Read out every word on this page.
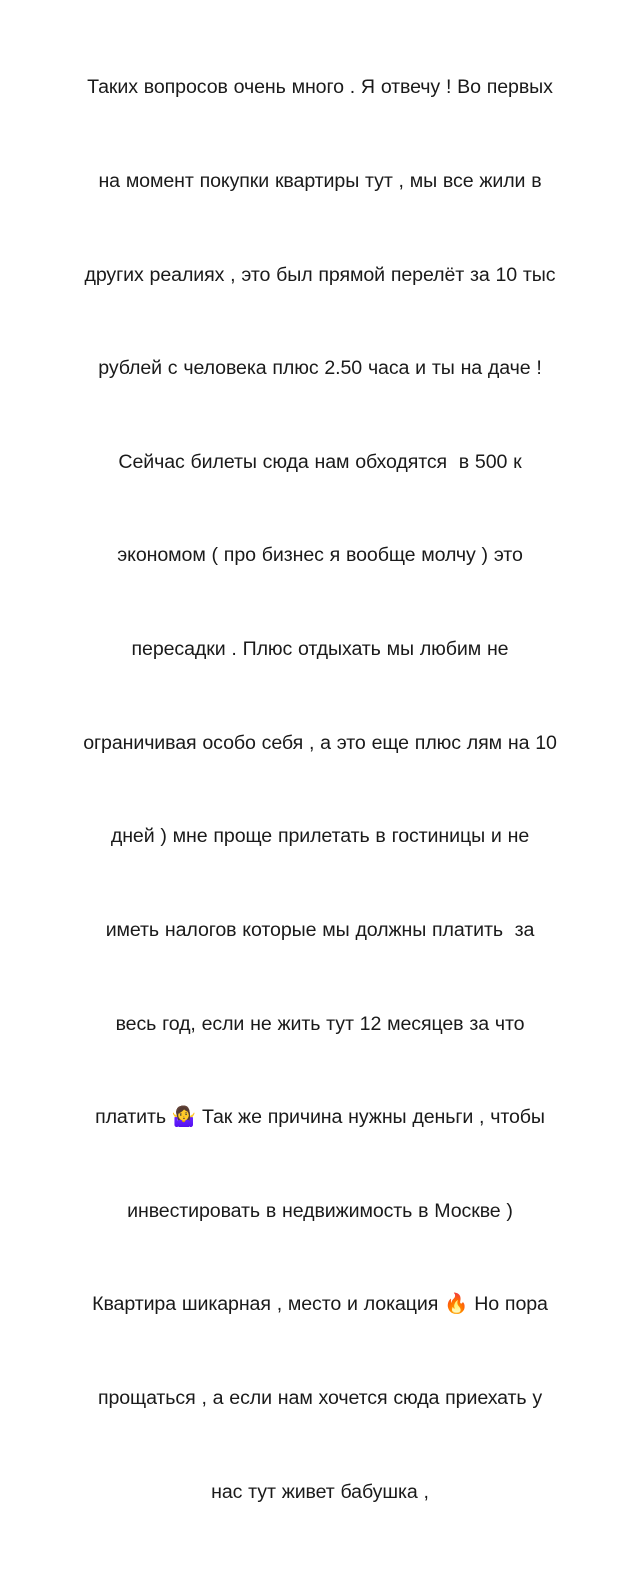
Таких вопросов очень много . Я отвечу ! Во первых

на момент покупки квартиры тут , мы все жили в

других реалиях , это был прямой перелёт за 10 тыс

рублей с человека плюс 2.50 часа и ты на даче !

Сейчас билеты сюда нам обходятся  в 500 к

экономом ( про бизнес я вообще молчу ) это

пересадки . Плюс отдыхать мы любим не

ограничивая особо себя , а это еще плюс лям на 10

дней ) мне проще прилетать в гостиницы и не

иметь налогов которые мы должны платить  за

весь год, если не жить тут 12 месяцев за что

платить 🤷‍♀️ Так же причина нужны деньги , чтобы

инвестировать в недвижимость в Москве )

Квартира шикарная , место и локация 🔥 Но пора

прощаться , а если нам хочется сюда приехать у

нас тут живет бабушка ,
